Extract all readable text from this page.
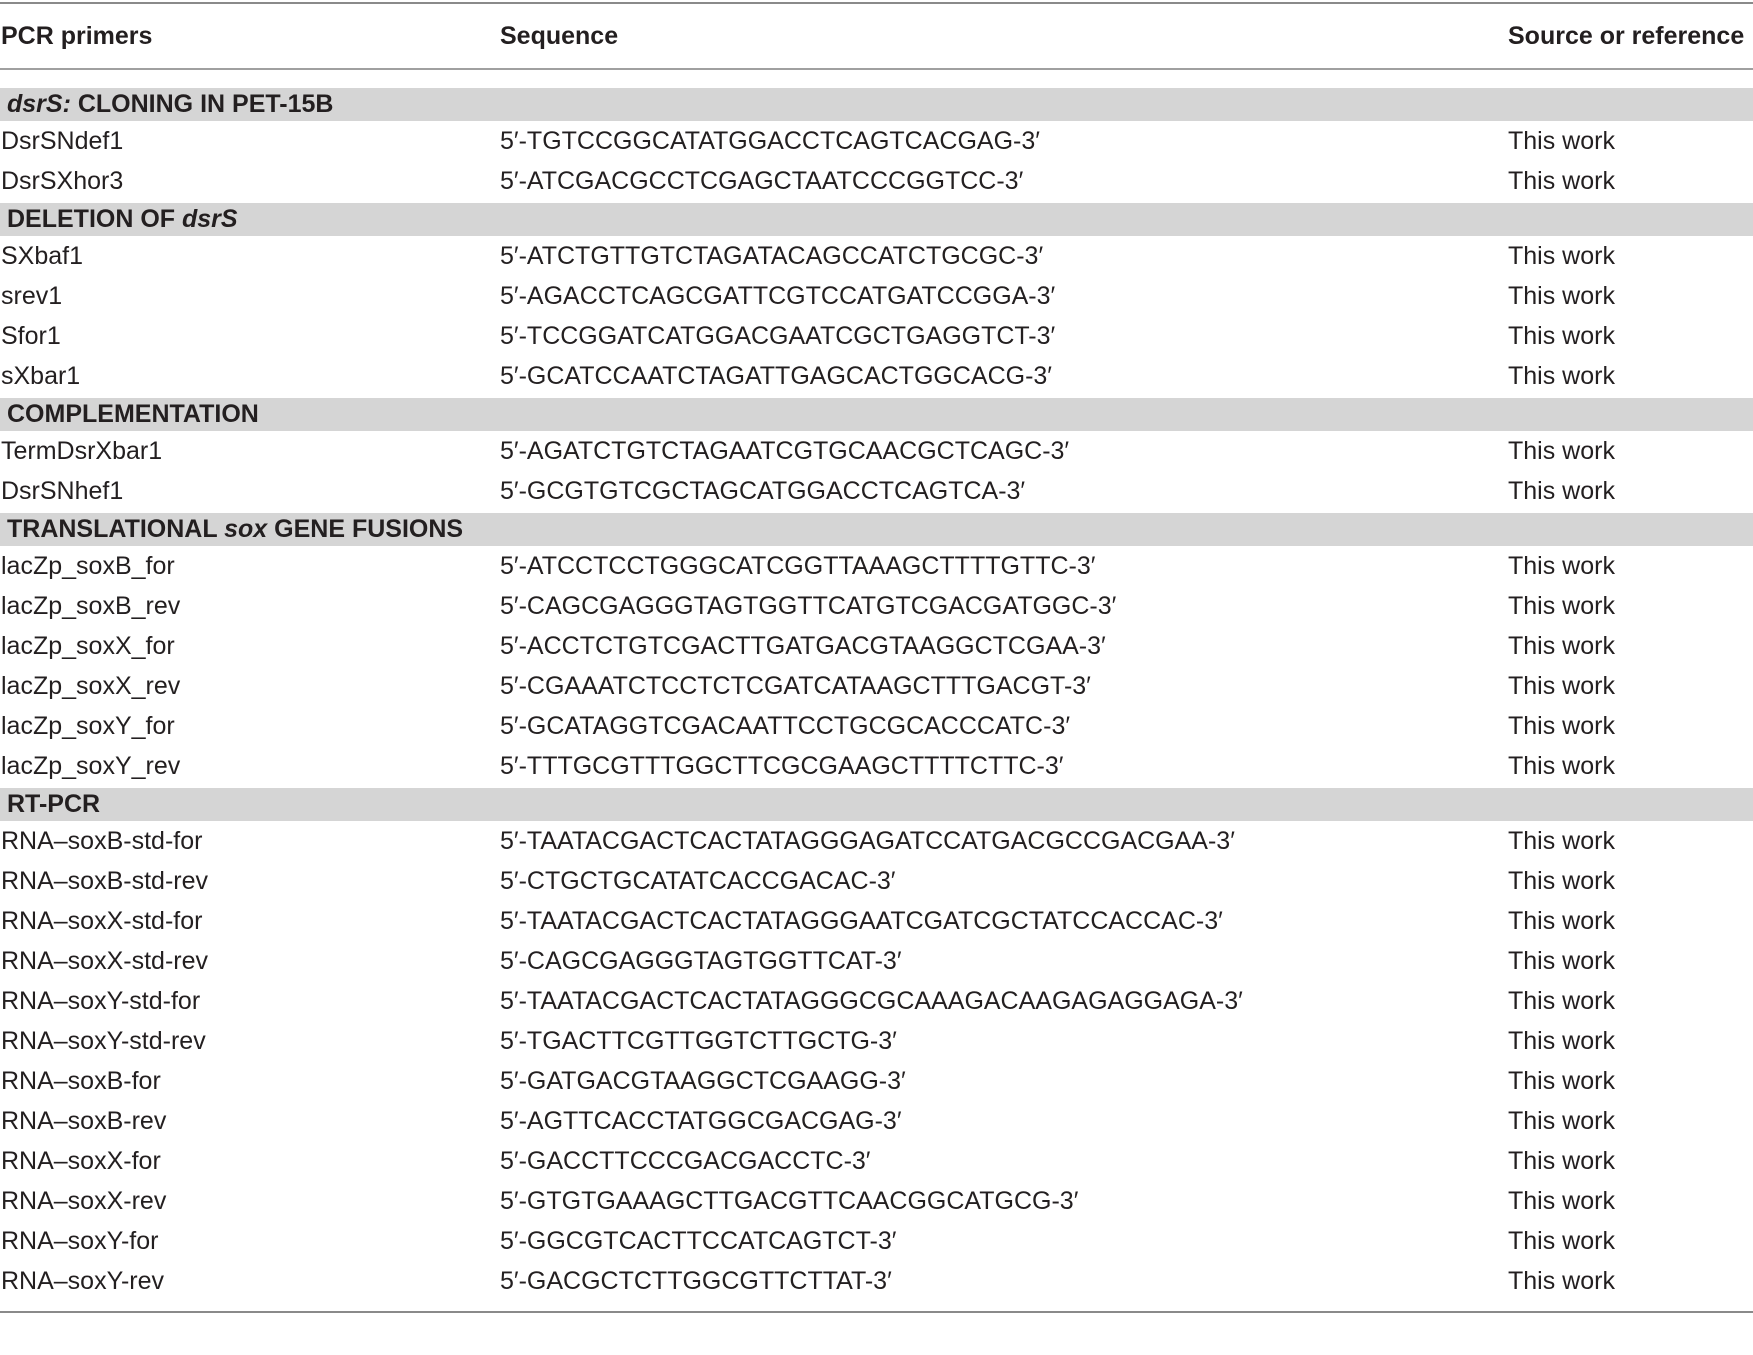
PCR primers	Sequence	Source or reference
dsrS: CLONING IN PET-15B
DsrSNdef1	5′-TGTCCGGCATATGGACCTCAGTCACGAG-3′	This work
DsrSXhor3	5′-ATCGACGCCTCGAGCTAATCCCGGTCC-3′	This work
DELETION OF dsrS
SXbaf1	5′-ATCTGTTGTCTAGATACAGCCATCTGCGC-3′	This work
srev1	5′-AGACCTCAGCGATTCGTCCATGATCCGGA-3′	This work
Sfor1	5′-TCCGGATCATGGACGAATCGCTGAGGTCT-3′	This work
sXbar1	5′-GCATCCAATCTAGATTGAGCACTGGCACG-3′	This work
COMPLEMENTATION
TermDsrXbar1	5′-AGATCTGTCTAGAATCGTGCAACGCTCAGC-3′	This work
DsrSNhef1	5′-GCGTGTCGCTAGCATGGACCTCAGTCA-3′	This work
TRANSLATIONAL sox GENE FUSIONS
lacZp_soxB_for	5′-ATCCTCCTGGGCATCGGTTAAAGCTTTTGTTC-3′	This work
lacZp_soxB_rev	5′-CAGCGAGGGTAGTGGTTCATGTCGACGATGGC-3′	This work
lacZp_soxX_for	5′-ACCTCTGTCGACTTGATGACGTAAGGCTCGAA-3′	This work
lacZp_soxX_rev	5′-CGAAATCTCCTCTCGATCATAAGCTTTGACGT-3′	This work
lacZp_soxY_for	5′-GCATAGGTCGACAATTCCTGCGCACCCATC-3′	This work
lacZp_soxY_rev	5′-TTTGCGTTTGGCTTCGCGAAGCTTTTCTTC-3′	This work
RT-PCR
RNA–soxB-std-for	5′-TAATACGACTCACTATAGGGAGATCCATGACGCCGACGAA-3′	This work
RNA–soxB-std-rev	5′-CTGCTGCATATCACCGACAC-3′	This work
RNA–soxX-std-for	5′-TAATACGACTCACTATAGGGAATCGATCGCTATCCACCAC-3′	This work
RNA–soxX-std-rev	5′-CAGCGAGGGTAGTGGTTCAT-3′	This work
RNA–soxY-std-for	5′-TAATACGACTCACTATAGGGCGCAAAGACAAGAGAGGAGA-3′	This work
RNA–soxY-std-rev	5′-TGACTTCGTTGGTCTTGCTG-3′	This work
RNA–soxB-for	5′-GATGACGTAAGGCTCGAAGG-3′	This work
RNA–soxB-rev	5′-AGTTCACCTATGGCGACGAG-3′	This work
RNA–soxX-for	5′-GACCTTCCCGACGACCTC-3′	This work
RNA–soxX-rev	5′-GTGTGAAAGCTTGACGTTCAACGGCATGCG-3′	This work
RNA–soxY-for	5′-GGCGTCACTTCCATCAGTCT-3′	This work
RNA–soxY-rev	5′-GACGCTCTTGGCGTTCTTAT-3′	This work
